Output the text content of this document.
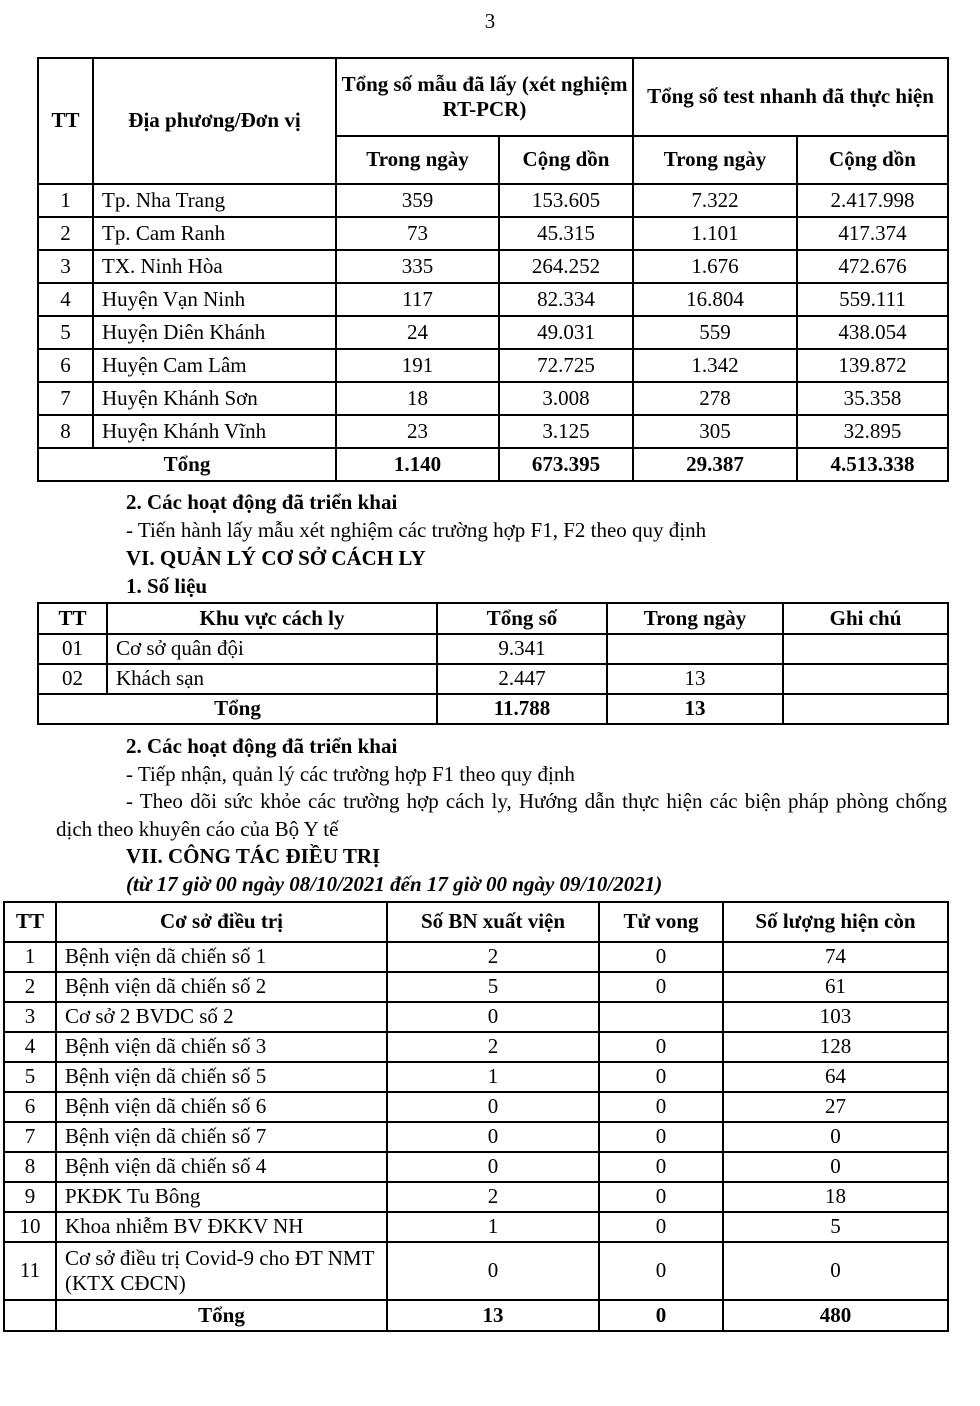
3
TT	Địa phương/Đơn vị	Tổng số mẫu đã lấy (xét nghiệm RT-PCR)		Tổng số test nhanh đã thực hiện	
		Trong ngày	Cộng dồn	Trong ngày	Cộng dồn
1	Tp. Nha Trang	359	153.605	7.322	2.417.998
2	Tp. Cam Ranh	73	45.315	1.101	417.374
3	TX. Ninh Hòa	335	264.252	1.676	472.676
4	Huyện Vạn Ninh	117	82.334	16.804	559.111
5	Huyện Diên Khánh	24	49.031	559	438.054
6	Huyện Cam Lâm	191	72.725	1.342	139.872
7	Huyện Khánh Sơn	18	3.008	278	35.358
8	Huyện Khánh Vĩnh	23	3.125	305	32.895
Tổng		1.140	673.395	29.387	4.513.338

2. Các hoạt động đã triển khai

- Tiến hành lấy mẫu xét nghiệm các trường hợp F1, F2 theo quy định

VI. QUẢN LÝ CƠ SỞ CÁCH LY

1. Số liệu

TT	Khu vực cách ly	Tổng số	Trong ngày	Ghi chú
01	Cơ sở quân đội	9.341		
02	Khách sạn	2.447	13	
Tổng		11.788	13	

2. Các hoạt động đã triển khai

- Tiếp nhận, quản lý các trường hợp F1 theo quy định

- Theo dõi sức khỏe các trường hợp cách ly, Hướng dẫn thực hiện các biện pháp phòng chống dịch theo khuyên cáo của Bộ Y tế

VII. CÔNG TÁC ĐIỀU TRỊ

(từ 17 giờ 00 ngày 08/10/2021 đến 17 giờ 00 ngày 09/10/2021)

TT	Cơ sở điều trị	Số BN xuất viện	Tử vong	Số lượng hiện còn
1	Bệnh viện dã chiến số 1	2	0	74
2	Bệnh viện dã chiến số 2	5	0	61
3	Cơ sở 2 BVDC số 2	0		103
4	Bệnh viện dã chiến số 3	2	0	128
5	Bệnh viện dã chiến số 5	1	0	64
6	Bệnh viện dã chiến số 6	0	0	27
7	Bệnh viện dã chiến số 7	0	0	0
8	Bệnh viện dã chiến số 4	0	0	0
9	PKĐK Tu Bông	2	0	18
10	Khoa nhiễm BV ĐKKV NH	1	0	5
11	Cơ sở điều trị Covid-9 cho ĐT NMT (KTX CĐCN)	0	0	0
	Tổng	13	0	480
